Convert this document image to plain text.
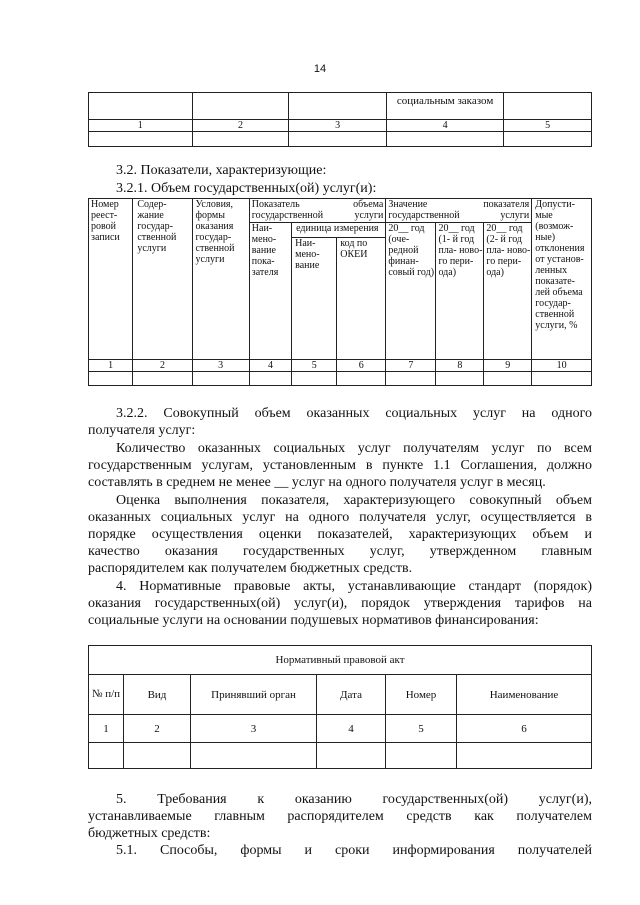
14
			социальным заказом	
1	2	3	4	5

3.2. Показатели, характеризующие:
3.2.1. Объем государственных(ой) услуг(и):
Номер реест- ровой записи	Содер- жание государ- ственной услуги	Условия, формы оказания государ- ственной услуги	Показатель объема государственной услуги			Значение показателя государственной услуги			Допусти- мые (возмож- ные) отклонения от установ- ленных показате- лей объема государ- ственной услуги, %
			Наи- мено- вание пока- зателя	единица измерения		20__ год (оче- редной финан- совый год)	20__ год (1- й год пла- ново- го пери- ода)	20__ год (2- й год пла- ново- го пери- ода)	
				Наи- мено- вание	код по ОКЕИ				
1	2	3	4	5	6	7	8	9	10

3.2.2. Совокупный объем оказанных социальных услуг на одного
получателя услуг:
Количество оказанных социальных услуг получателям услуг по всем
государственным услугам, установленным в пункте 1.1 Соглашения, должно
составлять в среднем не менее __ услуг на одного получателя услуг в месяц.
Оценка выполнения показателя, характеризующего совокупный объем
оказанных социальных услуг на одного получателя услуг, осуществляется в
порядке осуществления оценки показателей, характеризующих объем и
качество оказания государственных услуг, утвержденном главным
распорядителем как получателем бюджетных средств.
4. Нормативные правовые акты, устанавливающие стандарт (порядок)
оказания государственных(ой) услуг(и), порядок утверждения тарифов на
социальные услуги на основании подушевых нормативов финансирования:
Нормативный правовой акт					
№ п/п	Вид	Принявший орган	Дата	Номер	Наименование
1	2	3	4	5	6

5. Требования к оказанию государственных(ой) услуг(и),
устанавливаемые главным распорядителем средств как получателем
бюджетных средств:
5.1. Способы, формы и сроки информирования получателей
